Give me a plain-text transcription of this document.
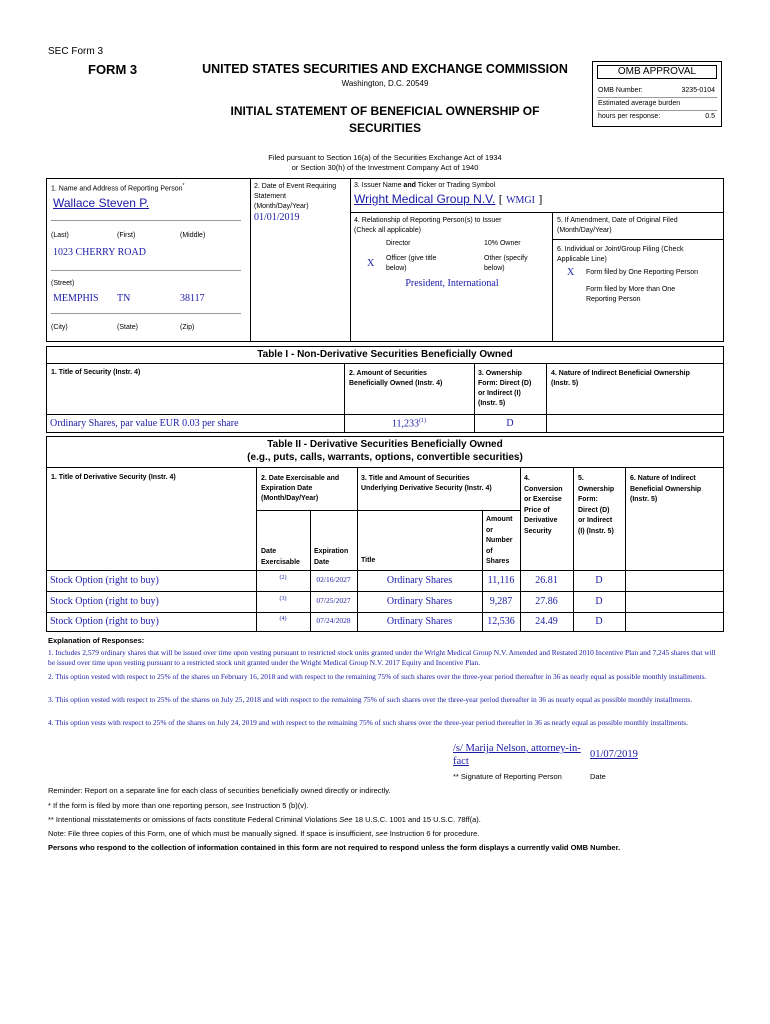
SEC Form 3
FORM 3	UNITED STATES SECURITIES AND EXCHANGE COMMISSION
Washington, D.C. 20549
INITIAL STATEMENT OF BENEFICIAL OWNERSHIP OF
SECURITIES
OMB APPROVAL
OMB Number:	3235-0104
Estimated average burden
hours per response:	0.5
Filed pursuant to Section 16(a) of the Securities Exchange Act of 1934
or Section 30(h) of the Investment Company Act of 1940
1. Name and Address of Reporting Person*
Wallace Steven P.
(Last)	(First)	(Middle)
1023 CHERRY ROAD
(Street)
MEMPHIS TN	38117
(City)	(State)	(Zip)
2. Date of Event Requiring
Statement
(Month/Day/Year)
01/01/2019
3. Issuer Name and Ticker or Trading Symbol
Wright Medical Group N.V. [ WMGI ]
4. Relationship of Reporting Person(s) to Issuer
(Check all applicable)
Director	10% Owner
X Officer (give title
below)
Other (specify
below)
President, International
5. If Amendment, Date of Original Filed
(Month/Day/Year)
6. Individual or Joint/Group Filing (Check
Applicable Line)
X Form filed by One Reporting Person
Form filed by More than One
Reporting Person
Table I - Non-Derivative Securities Beneficially Owned
1. Title of Security (Instr. 4)	2. Amount of Securities
Beneficially Owned (Instr. 4)
3. Ownership
Form: Direct (D)
or Indirect (I)
(Instr. 5)
4. Nature of Indirect Beneficial Ownership
(Instr. 5)
Ordinary Shares, par value EUR 0.03 per share	11,233$^{(1)}$	D
Table II - Derivative Securities Beneficially Owned
(e.g., puts, calls, warrants, options, convertible securities)
1. Title of Derivative Security (Instr. 4)	2. Date Exercisable and
Expiration Date
(Month/Day/Year)
3. Title and Amount of Securities
Underlying Derivative Security (Instr. 4)
4.
Conversion
or Exercise
Price of
Derivative
Security
5.
Ownership
Form:
Direct (D)
or Indirect
(I) (Instr. 5)
6. Nature of Indirect
Beneficial Ownership
(Instr. 5)
Date
Exercisable
Expiration
Date	Title
Amount
or
Number
of
Shares
Stock Option (right to buy)	(2)	02/16/2027	Ordinary Shares	11,116	26.81	D
Stock Option (right to buy)	(3)	07/25/2027	Ordinary Shares	9,287	27.86	D
Stock Option (right to buy)	(4)	07/24/2028	Ordinary Shares	12,536	24.49	D
Explanation of Responses:
1. Includes 2,579 ordinary shares that will be issued over time upon vesting pursuant to restricted stock units granted under the Wright Medical Group N.V. Amended and Restated 2010 Incentive Plan and 7,245 shares that will be issued over time upon vesting pursuant to a restricted stock unit granted under the Wright Medical Group N.V. 2017 Equity and Incentive Plan.
2. This option vested with respect to 25% of the shares on February 16, 2018 and with respect to the remaining 75% of such shares over the three-year period thereafter in 36 as nearly equal as possible monthly installments.
3. This option vested with respect to 25% of the shares on July 25, 2018 and with respect to the remaining 75% of such shares over the three-year period thereafter in 36 as nearly equal as possible monthly installments.
4. This option vests with respect to 25% of the shares on July 24, 2019 and with respect to the remaining 75% of such shares over the three-year period thereafter in 36 as nearly equal as possible monthly installments.
/s/ Marija Nelson, attorney-in-
fact
01/07/2019
** Signature of Reporting Person	Date
Reminder: Report on a separate line for each class of securities beneficially owned directly or indirectly.
* If the form is filed by more than one reporting person, see Instruction 5 (b)(v).
** Intentional misstatements or omissions of facts constitute Federal Criminal Violations See 18 U.S.C. 1001 and 15 U.S.C. 78ff(a).
Note: File three copies of this Form, one of which must be manually signed. If space is insufficient, see Instruction 6 for procedure.
Persons who respond to the collection of information contained in this form are not required to respond unless the form displays a currently valid OMB Number.
